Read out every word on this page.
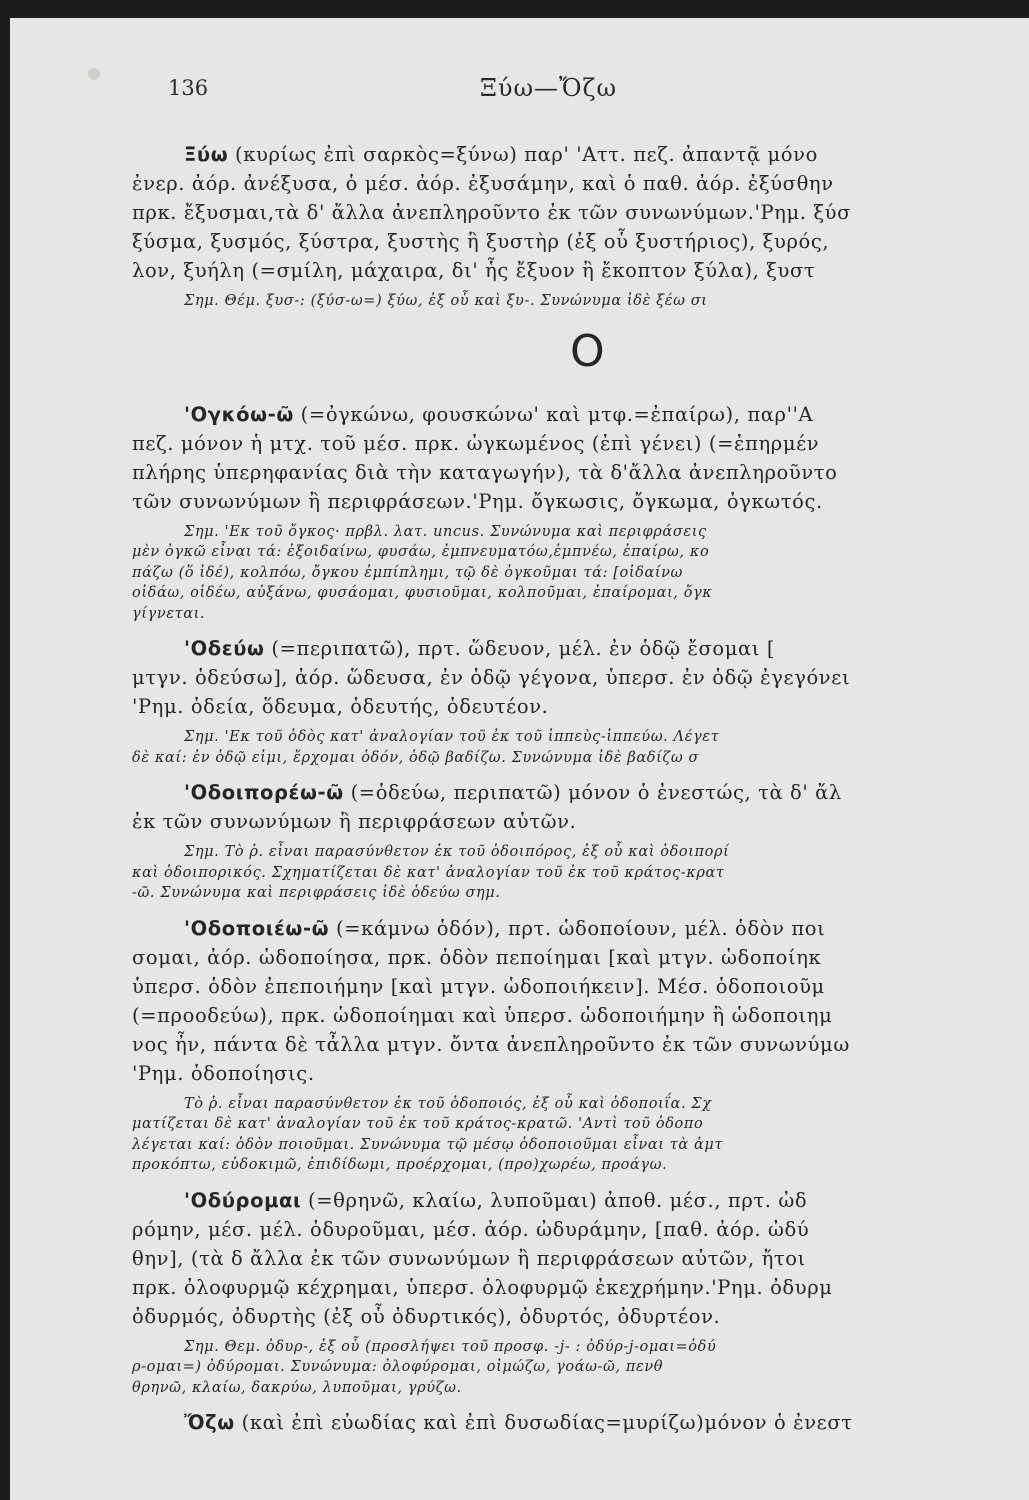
136	Ξύω—Ὄζω
Ξύω (κυρίως ἐπὶ σαρκὸς=ξύνω) παρ' 'Αττ. πεζ. ἀπαντᾷ μόνο
ἐνερ. ἀόρ. ἀνέξυσα, ὁ μέσ. ἀόρ. ἐξυσάμην, καὶ ὁ παθ. ἀόρ. ἐξύσθην
πρκ. ἔξυσμαι,τὰ δ' ἄλλα ἀνεπληροῦντο ἐκ τῶν συνωνύμων.'Ρημ. ξύσ
ξύσμα, ξυσμός, ξύστρα, ξυστὴς ἢ ξυστὴρ (ἐξ οὗ ξυστήριος), ξυρός,
λον, ξυήλη (=σμίλη, μάχαιρα, δι' ἧς ἔξυον ἢ ἔκοπτον ξύλα), ξυστ
Σημ. Θέμ. ξυσ-: (ξύσ-ω=) ξύω, ἐξ οὗ καὶ ξυ-. Συνώνυμα ἰδὲ ξέω σι
Ο
'Ογκόω-ῶ (=ὀγκώνω, φουσκώνω' καὶ μτφ.=ἐπαίρω), παρ''Α
πεζ. μόνον ἡ μτχ. τοῦ μέσ. πρκ. ὠγκωμένος (ἐπὶ γένει) (=ἐπηρμέν
πλήρης ὑπερηφανίας διὰ τὴν καταγωγήν), τὰ δ'ἄλλα ἀνεπληροῦντο
τῶν συνωνύμων ἢ περιφράσεων.'Ρημ. ὄγκωσις, ὄγκωμα, ὀγκωτός.
Σημ. 'Εκ τοῦ ὄγκος· πρβλ. λατ. uncus. Συνώνυμα καὶ περιφράσεις
μὲν ὀγκῶ εἶναι τά: ἐξοιδαίνω, φυσάω, ἐμπνευματόω,ἐμπνέω, ἐπαίρω, κο
πάζω (ὅ ἰδέ), κολπόω, ὄγκου ἐμπίπλημι, τῷ δὲ ὀγκοῦμαι τά: [οἰδαίνω
οἰδάω, οἰδέω, αὐξάνω, φυσάομαι, φυσιοῦμαι, κολποῦμαι, ἐπαίρομαι, ὄγκ
γίγνεται.
'Οδεύω (=περιπατῶ), πρτ. ὥδευον, μέλ. ἐν ὁδῷ ἔσομαι [
μτγν. ὁδεύσω], ἀόρ. ὥδευσα, ἐν ὁδῷ γέγονα, ὑπερσ. ἐν ὁδῷ ἐγεγόνει
'Ρημ. ὁδεία, ὅδευμα, ὁδευτής, ὁδευτέον.
Σημ. 'Εκ τοῦ ὁδὸς κατ' ἀναλογίαν τοῦ ἐκ τοῦ ἱππεὺς-ἱππεύω. Λέγετ
δὲ καί: ἐν ὁδῷ εἰμι, ἔρχομαι ὁδόν, ὁδῷ βαδίζω. Συνώνυμα ἰδὲ βαδίζω σ
'Οδοιπορέω-ῶ (=ὁδεύω, περιπατῶ) μόνον ὁ ἐνεστώς, τὰ δ' ἄλ
ἐκ τῶν συνωνύμων ἢ περιφράσεων αὐτῶν.
Σημ. Τὸ ῥ. εἶναι παρασύνθετον ἐκ τοῦ ὁδοιπόρος, ἐξ οὗ καὶ ὁδοιπορί
καὶ ὁδοιπορικός. Σχηματίζεται δὲ κατ' ἀναλογίαν τοῦ ἐκ τοῦ κράτος-κρατ
-ῶ. Συνώνυμα καὶ περιφράσεις ἰδὲ ὁδεύω σημ.
'Οδοποιέω-ῶ (=κάμνω ὁδόν), πρτ. ὡδοποίουν, μέλ. ὁδὸν ποι
σομαι, ἀόρ. ὡδοποίησα, πρκ. ὁδὸν πεποίημαι [καὶ μτγν. ὡδοποίηκ
ὑπερσ. ὁδὸν ἐπεποιήμην [καὶ μτγν. ὡδοποιήκειν]. Μέσ. ὁδοποιοῦμ
(=προοδεύω), πρκ. ὡδοποίημαι καὶ ὑπερσ. ὡδοποιήμην ἢ ὡδοποιημ
νος ἦν, πάντα δὲ τἆλλα μτγν. ὄντα ἀνεπληροῦντο ἐκ τῶν συνωνύμω
'Ρημ. ὁδοποίησις.
Τὸ ῥ. εἶναι παρασύνθετον ἐκ τοῦ ὁδοποιός, ἐξ οὗ καὶ ὁδοποιΐα. Σχ
ματίζεται δὲ κατ' ἀναλογίαν τοῦ ἐκ τοῦ κράτος-κρατῶ. 'Αντὶ τοῦ ὁδοπο
λέγεται καί: ὁδὸν ποιοῦμαι. Συνώνυμα τῷ μέσῳ ὁδοποιοῦμαι εἶναι τὰ ἁμτ
προκόπτω, εὐδοκιμῶ, ἐπιδίδωμι, προέρχομαι, (προ)χωρέω, προάγω.
'Οδύρομαι (=θρηνῶ, κλαίω, λυποῦμαι) ἀποθ. μέσ., πρτ. ὠδ
ρόμην, μέσ. μέλ. ὀδυροῦμαι, μέσ. ἀόρ. ὠδυράμην, [παθ. ἀόρ. ὠδύ
θην], (τὰ δ ἄλλα ἐκ τῶν συνωνύμων ἢ περιφράσεων αὐτῶν, ἤτοι
πρκ. ὀλοφυρμῷ κέχρημαι, ὑπερσ. ὀλοφυρμῷ ἐκεχρήμην.'Ρημ. ὀδυρμ
ὀδυρμός, ὀδυρτὴς (ἐξ οὗ ὀδυρτικός), ὀδυρτός, ὀδυρτέον.
Σημ. Θεμ. ὀδυρ-, ἐξ οὗ (προσλήψει τοῦ προσφ. -j- : ὀδύρ-j-ομαι=ὀδύ
ρ-ομαι=) ὀδύρομαι. Συνώνυμα: ὀλοφύρομαι, οἰμώζω, γοάω-ῶ, πενθ
θρηνῶ, κλαίω, δακρύω, λυποῦμαι, γρύζω.
Ὄζω (καὶ ἐπὶ εὐωδίας καὶ ἐπὶ δυσωδίας=μυρίζω)μόνον ὁ ἐνεστ
